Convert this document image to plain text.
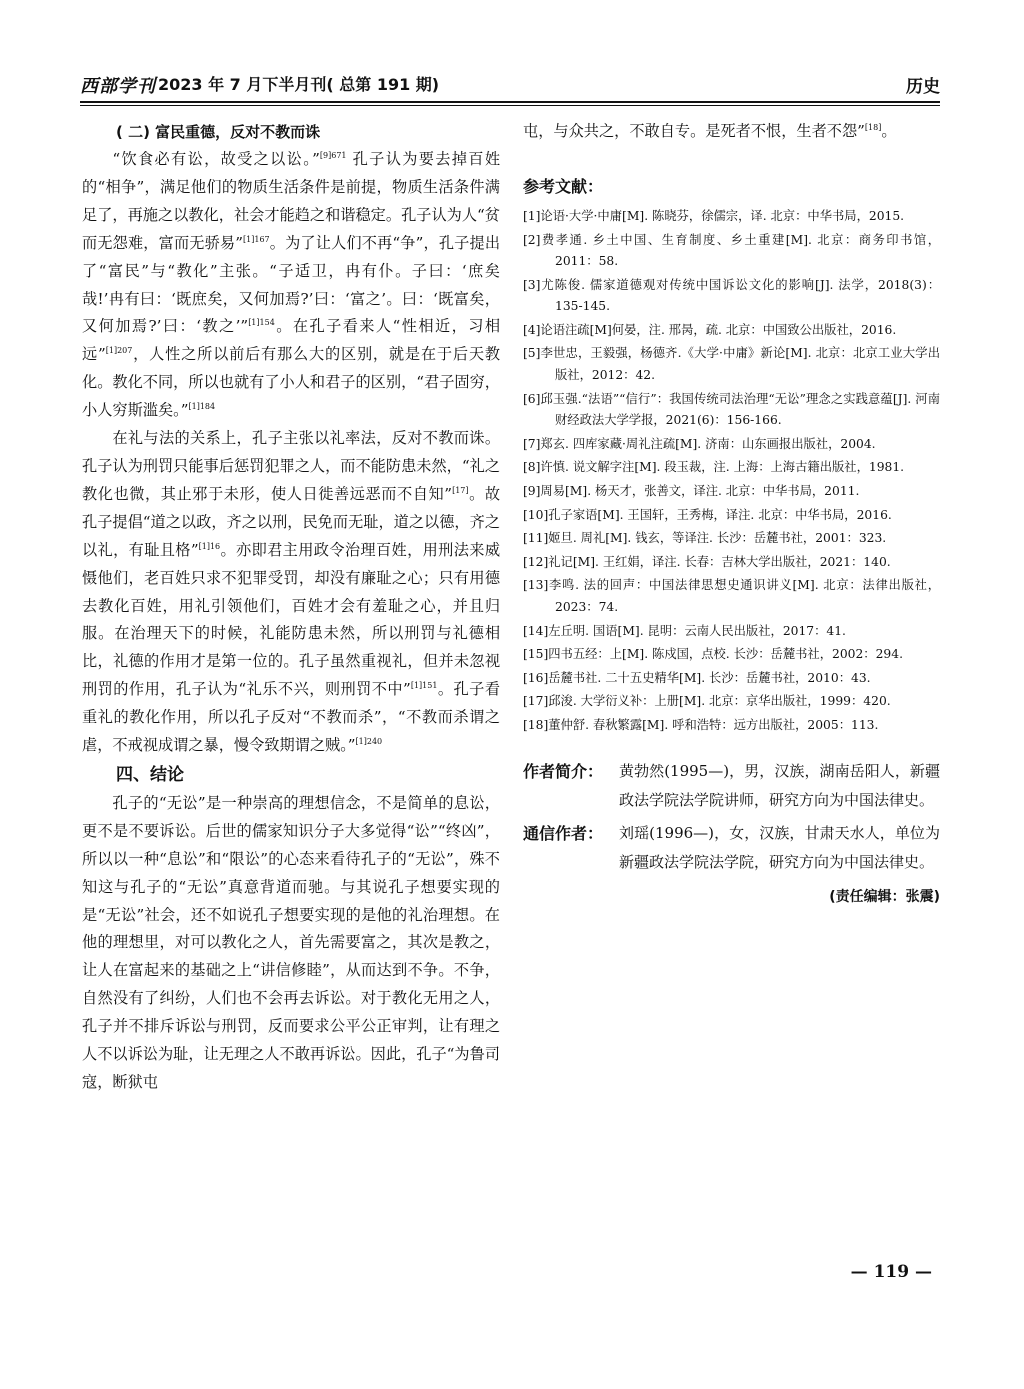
西部学刊 2023 年 7 月下半月刊( 总第 191 期)	历史
( 二) 富民重德，反对不教而诛

“饮食必有讼，故受之以讼。”$^{[9]671}$ 孔子认为要去掉百姓的“相争”，满足他们的物质生活条件是前提，物质生活条件满足了，再施之以教化，社会才能趋之和谐稳定。孔子认为人“贫而无怨难，富而无骄易”$^{[1]167}$。为了让人们不再“争”，孔子提出了“富民”与“教化”主张。“子适卫，冉有仆。子曰：‘庶矣哉!’冉有曰：‘既庶矣，又何加焉?’曰：‘富之’。曰：‘既富矣，又何加焉?’曰：‘教之’”$^{[1]154}$。在孔子看来人“性相近，习相远”$^{[1]207}$，人性之所以前后有那么大的区别，就是在于后天教化。教化不同，所以也就有了小人和君子的区别，“君子固穷，小人穷斯滥矣。”$^{[1]184}$

在礼与法的关系上，孔子主张以礼率法，反对不教而诛。孔子认为刑罚只能事后惩罚犯罪之人，而不能防患未然，“礼之教化也微，其止邪于未形，使人日徙善远恶而不自知”[17]。故孔子提倡“道之以政，齐之以刑，民免而无耻，道之以德，齐之以礼，有耻且格”$^{[1]16}$。亦即君主用政令治理百姓，用刑法来威慑他们，老百姓只求不犯罪受罚，却没有廉耻之心；只有用德去教化百姓，用礼引领他们，百姓才会有羞耻之心，并且归服。在治理天下的时候，礼能防患未然，所以刑罚与礼德相比，礼德的作用才是第一位的。孔子虽然重视礼，但并未忽视刑罚的作用，孔子认为“礼乐不兴，则刑罚不中”$^{[1]151}$。孔子看重礼的教化作用，所以孔子反对“不教而杀”，“不教而杀谓之虐，不戒视成谓之暴，慢令致期谓之贼。”$^{[1]240}$

四、结论

孔子的“无讼”是一种崇高的理想信念，不是简单的息讼，更不是不要诉讼。后世的儒家知识分子大多觉得“讼”“终凶”，所以以一种“息讼”和“限讼”的心态来看待孔子的“无讼”，殊不知这与孔子的“无讼”真意背道而驰。与其说孔子想要实现的是“无讼”社会，还不如说孔子想要实现的是他的礼治理想。在他的理想里，对可以教化之人，首先需要富之，其次是教之，让人在富起来的基础之上“讲信修睦”，从而达到不争。不争，自然没有了纠纷，人们也不会再去诉讼。对于教化无用之人，孔子并不排斥诉讼与刑罚，反而要求公平公正审判，让有理之人不以诉讼为耻，让无理之人不敢再诉讼。因此，孔子“为鲁司寇，断狱屯

屯，与众共之，不敢自专。是死者不恨，生者不怨”[18]。

参考文献：

[1]论语·大学·中庸[M]. 陈晓芬，徐儒宗，译. 北京：中华书局，2015.

[2]费孝通. 乡土中国、生育制度、乡土重建[M]. 北京：商务印书馆，2011：58.

[3]尤陈俊. 儒家道德观对传统中国诉讼文化的影响[J]. 法学，2018(3)：135-145.

[4]论语注疏[M]何晏，注. 邢昺，疏. 北京：中国致公出版社，2016.

[5]李世忠，王毅强，杨德齐.《大学·中庸》新论[M]. 北京：北京工业大学出版社，2012：42.

[6]邱玉强.“法语”“信行”：我国传统司法治理“无讼”理念之实践意蕴[J]. 河南财经政法大学学报，2021(6)：156-166.

[7]郑玄. 四库家藏·周礼注疏[M]. 济南：山东画报出版社，2004.

[8]许慎. 说文解字注[M]. 段玉裁，注. 上海：上海古籍出版社，1981.

[9]周易[M]. 杨天才，张善文，译注. 北京：中华书局，2011.

[10]孔子家语[M]. 王国轩，王秀梅，译注. 北京：中华书局，2016.

[11]姬旦. 周礼[M]. 钱玄，等译注. 长沙：岳麓书社，2001：323.

[12]礼记[M]. 王红娟，译注. 长春：吉林大学出版社，2021：140.

[13]李鸣. 法的回声：中国法律思想史通识讲义[M]. 北京：法律出版社，2023：74.

[14]左丘明. 国语[M]. 昆明：云南人民出版社，2017：41.

[15]四书五经：上[M]. 陈戍国，点校. 长沙：岳麓书社，2002：294.

[16]岳麓书社. 二十五史精华[M]. 长沙：岳麓书社，2010：43.

[17]邱浚. 大学衍义补：上册[M]. 北京：京华出版社，1999：420.

[18]董仲舒. 春秋繁露[M]. 呼和浩特：远方出版社，2005：113.

作者简介：	黄勃然(1995—)，男，汉族，湖南岳阳人，新疆政法学院法学院讲师，研究方向为中国法律史。
通信作者：	刘瑶(1996—)，女，汉族，甘肃天水人，单位为新疆政法学院法学院，研究方向为中国法律史。
(责任编辑：张震)
— 119 —
